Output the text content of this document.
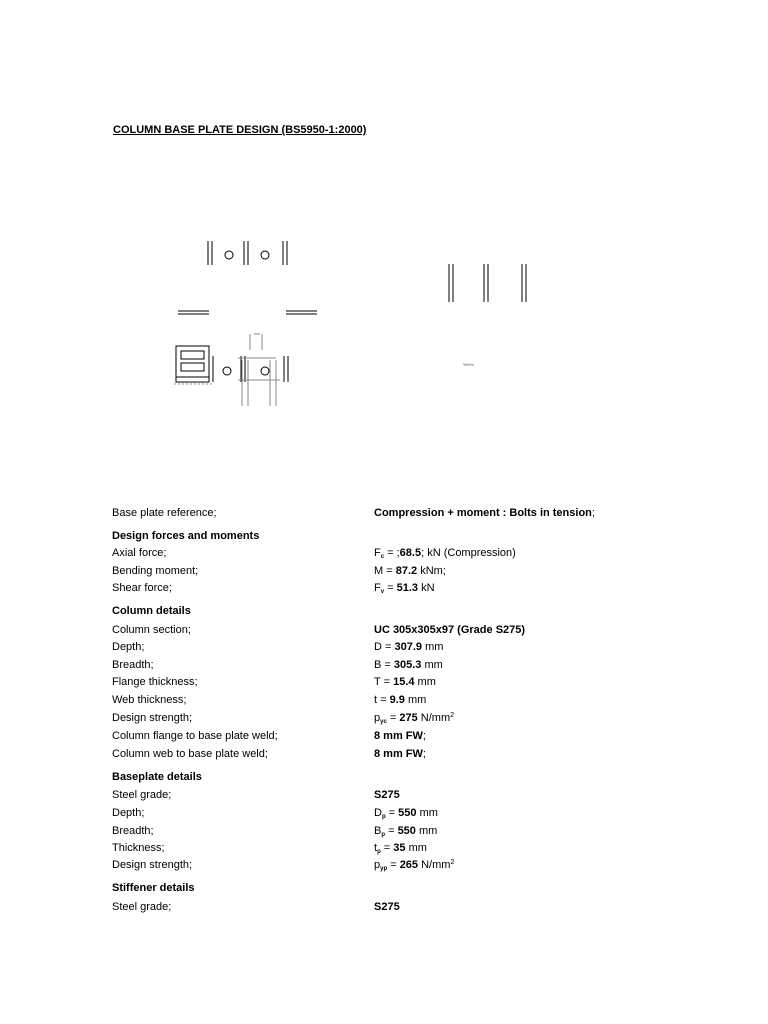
COLUMN BASE PLATE DESIGN (BS5950-1:2000)
%%%
Base plate reference;	Compression + moment : Bolts in tension;
Design forces and moments
Axial force;	$F_c$ = ;68.5; kN (Compression)
Bending moment;	M = 87.2 kNm;
Shear force;	$F_v = 51.3$ kN
Column details
Column section;	UC 305x305x97 (Grade S275)
Depth;	D = 307.9 mm
Breadth;	B = 305.3 mm
Flange thickness;	T = 15.4 mm
Web thickness;	t = 9.9 mm
Design strength;	$p_{yc} = 275$ $N/mm^2$
Column flange to base plate weld;	8 mm FW;
Column web to base plate weld;	8 mm FW;
Baseplate details
Steel grade;	S275
Depth;	$D_p = 550$ mm
Breadth;	$B_p = 550$ mm
Thickness;	$t_p = 35$ mm
Design strength;	$p_{yp} = 265$ $N/mm^2$
Stiffener details
Steel grade;	S275
